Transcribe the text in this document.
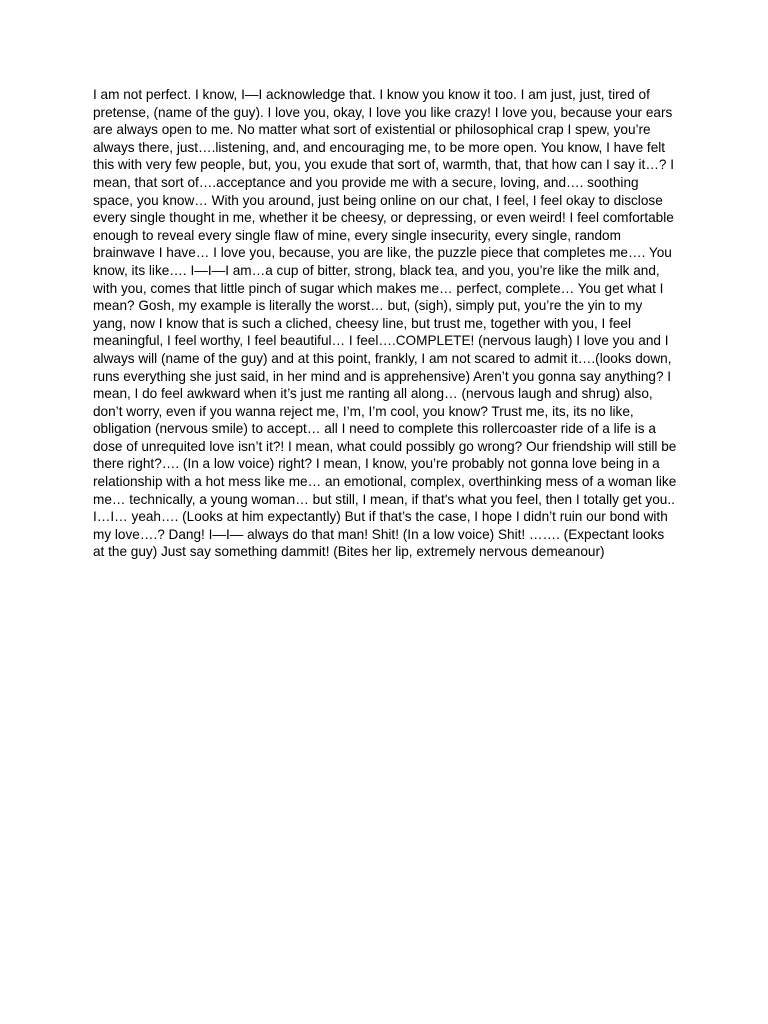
I am not perfect. I know, I—I acknowledge that. I know you know it too. I am just, just, tired of pretense, (name of the guy). I love you, okay, I love you like crazy! I love you, because your ears are always open to me. No matter what sort of existential or philosophical crap I spew, you’re always there, just….listening, and, and encouraging me, to be more open. You know, I have felt this with very few people, but, you, you exude that sort of, warmth, that, that how can I say it…? I mean, that sort of….acceptance and you provide me with a secure, loving, and…. soothing space, you know… With you around, just being online on our chat, I feel, I feel okay to disclose every single thought in me, whether it be cheesy, or depressing, or even weird! I feel comfortable enough to reveal every single flaw of mine, every single insecurity, every single, random brainwave I have… I love you, because, you are like, the puzzle piece that completes me…. You know, its like…. I—I—I am…a cup of bitter, strong, black tea, and you, you’re like the milk and, with you, comes that little pinch of sugar which makes me… perfect, complete… You get what I mean? Gosh, my example is literally the worst… but, (sigh), simply put, you’re the yin to my yang, now I know that is such a cliched, cheesy line, but trust me, together with you, I feel meaningful, I feel worthy, I feel beautiful… I feel….COMPLETE! (nervous laugh) I love you and I always will (name of the guy) and at this point, frankly, I am not scared to admit it….(looks down, runs everything she just said, in her mind and is apprehensive) Aren’t you gonna say anything? I mean, I do feel awkward when it’s just me ranting all along… (nervous laugh and shrug) also, don’t worry, even if you wanna reject me, I’m, I’m cool, you know? Trust me, its, its no like, obligation (nervous smile) to accept… all I need to complete this rollercoaster ride of a life is a dose of unrequited love isn’t it?! I mean, what could possibly go wrong? Our friendship will still be there right?…. (In a low voice) right? I mean, I know, you’re probably not gonna love being in a relationship with a hot mess like me… an emotional, complex, overthinking mess of a woman like me… technically, a young woman… but still, I mean, if that's what you feel, then I totally get you.. I…I… yeah…. (Looks at him expectantly) But if that’s the case, I hope I didn’t ruin our bond with my love….? Dang! I—I— always do that man! Shit! (In a low voice) Shit! ……. (Expectant looks at the guy) Just say something dammit! (Bites her lip, extremely nervous demeanour)
